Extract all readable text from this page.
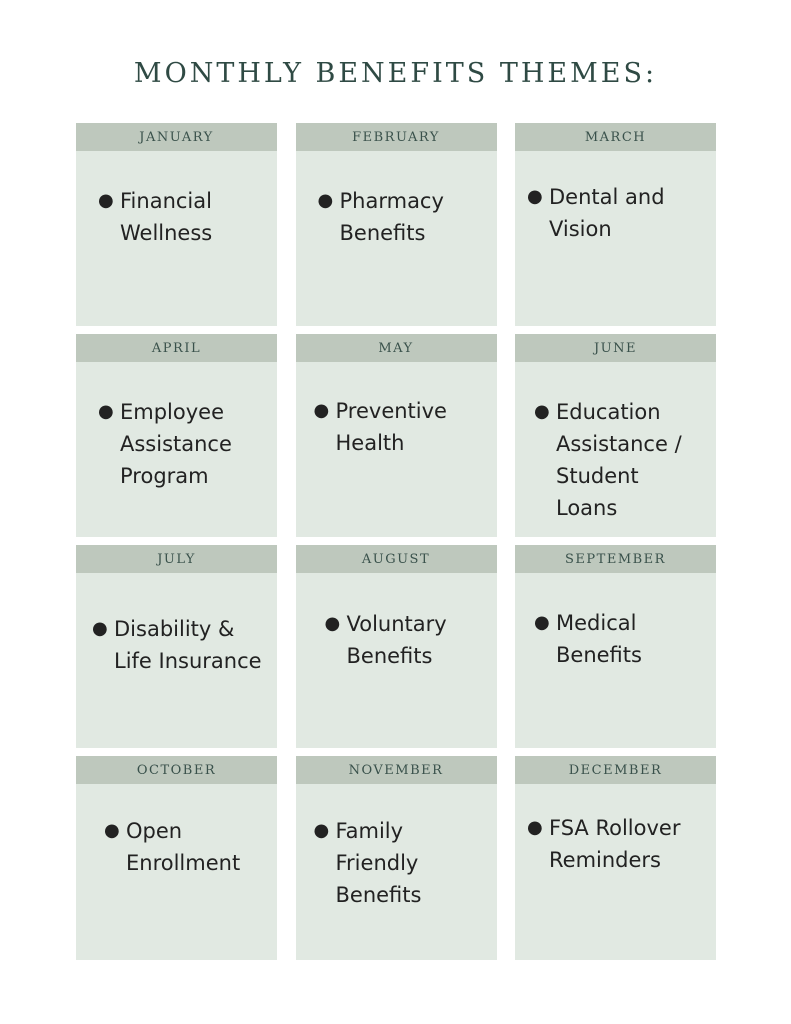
MONTHLY BENEFITS THEMES:
JANUARY
● Financial
Wellness
FEBRUARY
● Pharmacy
Benefits
MARCH
● Dental and
Vision
APRIL
● Employee
Assistance
Program
MAY
● Preventive
Health
JUNE
● Education
Assistance /
Student
Loans
JULY
● Disability &
Life Insurance
AUGUST
● Voluntary
Benefits
SEPTEMBER
● Medical
Benefits
OCTOBER
● Open
Enrollment
NOVEMBER
● Family
Friendly
Benefits
DECEMBER
● FSA Rollover
Reminders
